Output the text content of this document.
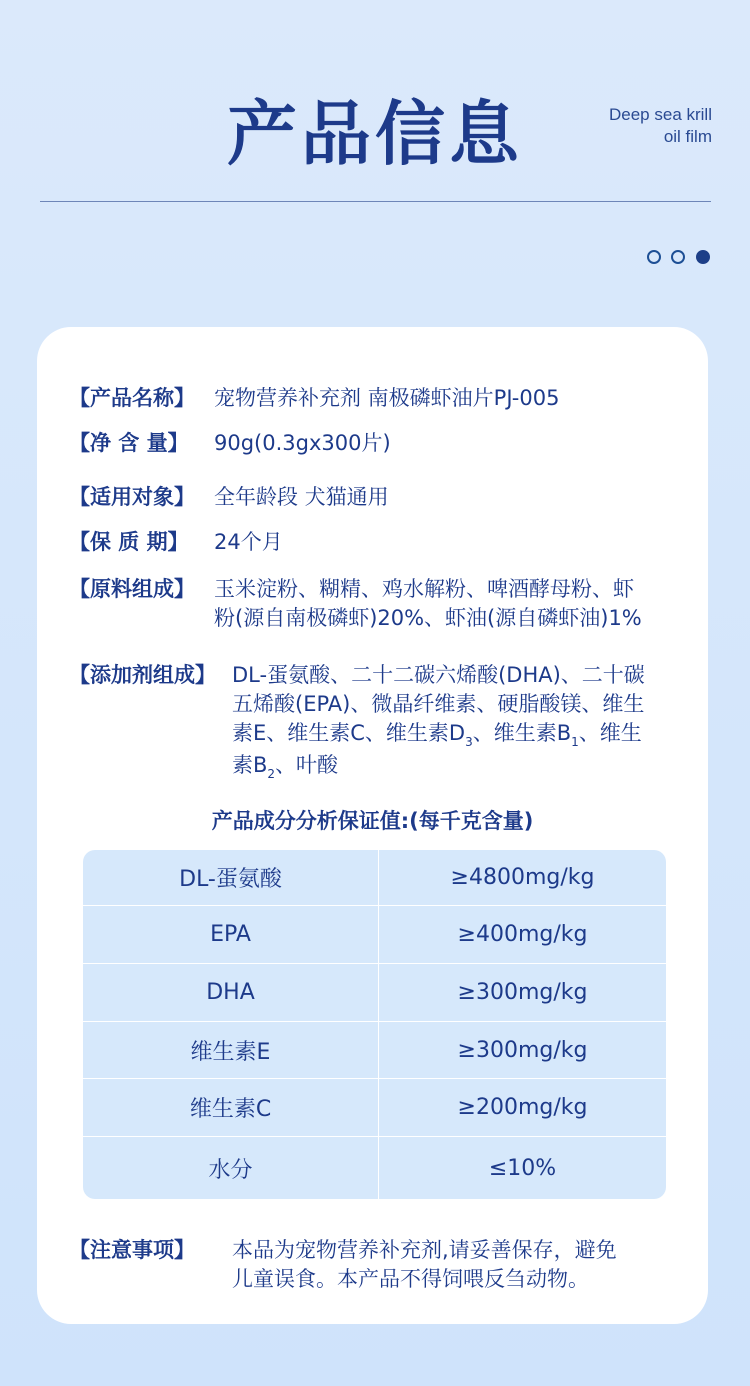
产品信息	Deep sea krill
oil film
【产品名称】 宠物营养补充剂 南极磷虾油片PJ-005
【净 含 量】 90g(0.3gx300片)
【适用对象】 全年龄段 犬猫通用
【保 质 期】 24个月
【原料组成】 玉米淀粉、糊精、鸡水解粉、啤酒酵母粉、虾
粉(源自南极磷虾)20%、虾油(源自磷虾油)1%
【添加剂组成】 DL-蛋氨酸、二十二碳六烯酸(DHA)、二十碳
五烯酸(EPA)、微晶纤维素、硬脂酸镁、维生
素E、维生素C、维生素$D_3$、维生素$B_1$、维生
素$B_2$、叶酸
产品成分分析保证值:(每千克含量)
DL-蛋氨酸	≥4800mg/kg
EPA	≥400mg/kg
DHA	≥300mg/kg
维生素E	≥300mg/kg
维生素C	≥200mg/kg
水分	≤10%
【注意事项】 本品为宠物营养补充剂,请妥善保存，避免
儿童误食。本产品不得饲喂反刍动物。
